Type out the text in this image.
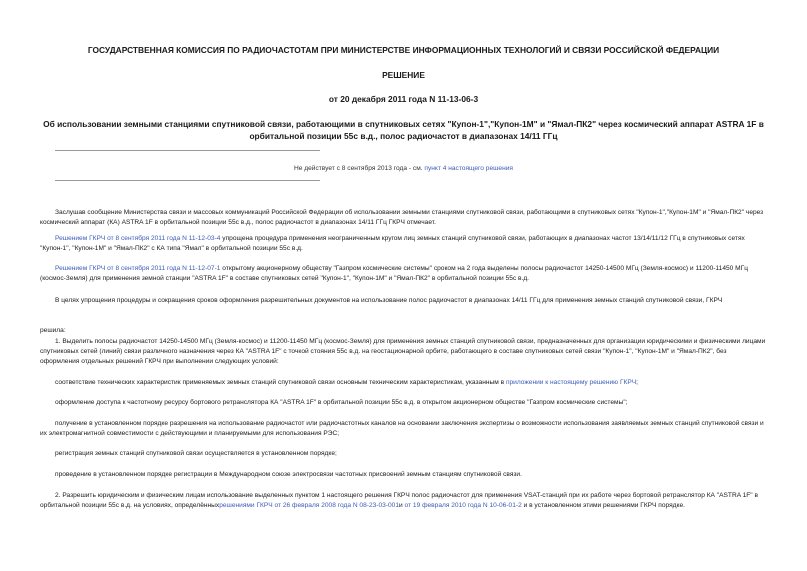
ГОСУДАРСТВЕННАЯ КОМИССИЯ ПО РАДИОЧАСТОТАМ ПРИ МИНИСТЕРСТВЕ ИНФОРМАЦИОННЫХ ТЕХНОЛОГИЙ И СВЯЗИ РОССИЙСКОЙ ФЕДЕРАЦИИ
РЕШЕНИЕ
от 20 декабря 2011 года N 11-13-06-3
Об использовании земными станциями спутниковой связи, работающими в спутниковых сетях "Купон-1","Купон-1М" и "Ямал-ПК2" через космический аппарат ASTRA 1F в орбитальной позиции 55с в.д., полос радиочастот в диапазонах 14/11 ГГц
Не действует с 8 сентября 2013 года - см. пункт 4 настоящего решения
Заслушав сообщение Министерства связи и массовых коммуникаций Российской Федерации об использовании земными станциями спутниковой связи, работающими в спутниковых сетях "Купон-1","Купон-1М" и "Ямал-ПК2" через космический аппарат (КА) ASTRA 1F в орбитальной позиции 55с в.д., полос радиочастот в диапазонах 14/11 ГГц ГКРЧ отмечает.
Решением ГКРЧ от 8 сентября 2011 года N 11-12-03-4 упрощена процедура применения неограниченным кругом лиц земных станций спутниковой связи, работающих в диапазонах частот 13/14/11/12 ГГц в спутниковых сетях "Купон-1", "Купон-1М" и "Ямал-ПК2" с КА типа "Ямал" в орбитальной позиции 55с в.д.
Решением ГКРЧ от 8 сентября 2011 года N 11-12-07-1 открытому акционерному обществу "Газпром космические системы" сроком на 2 года выделены полосы радиочастот 14250-14500 МГц (Земля-космос) и 11200-11450 МГц (космос-Земля) для применения земной станции "ASTRA 1F" в составе спутниковых сетей "Купон-1", "Купон-1М" и "Ямал-ПК2" в орбитальной позиции 55с в.д.
В целях упрощения процедуры и сокращения сроков оформления разрешительных документов на использование полос радиочастот в диапазонах 14/11 ГГц для применения земных станций спутниковой связи, ГКРЧ
решила:
1. Выделить полосы радиочастот 14250-14500 МГц (Земля-космос) и 11200-11450 МГц (космос-Земля) для применения земных станций спутниковой связи, предназначенных для организации юридическими и физическими лицами спутниковых сетей (линий) связи различного назначения через КА "ASTRA 1F" с точкой стояния 55с в.д. на геостационарной орбите, работающего в составе спутниковых сетей связи "Купон-1", "Купон-1М" и "Ямал-ПК2", без оформления отдельных решений ГКРЧ при выполнении следующих условий:
соответствие технических характеристик применяемых земных станций спутниковой связи основным техническим характеристикам, указанным в приложении к настоящему решению ГКРЧ;
оформление доступа к частотному ресурсу бортового ретранслятора КА "ASTRA 1F" в орбитальной позиции 55с в.д. в открытом акционерном обществе "Газпром космические системы";
получение в установленном порядке разрешения на использование радиочастот или радиочастотных каналов на основании заключения экспертизы о возможности использования заявляемых земных станций спутниковой связи и их электромагнитной совместимости с действующими и планируемыми для использования РЭС;
регистрация земных станций спутниковой связи осуществляется в установленном порядке;
проведение в установленном порядке регистрации в Международном союзе электросвязи частотных присвоений земным станциям спутниковой связи.
2. Разрешить юридическим и физическим лицам использование выделенных пунктом 1 настоящего решения ГКРЧ полос радиочастот для применения VSAT-станций при их работе через бортовой ретранслятор КА "ASTRA 1F" в орбитальной позиции 55с в.д. на условиях, определённыхрешениями ГКРЧ от 26 февраля 2008 года N 08-23-03-001и от 19 февраля 2010 года N 10-06-01-2 и в установленном этими решениями ГКРЧ порядке.
